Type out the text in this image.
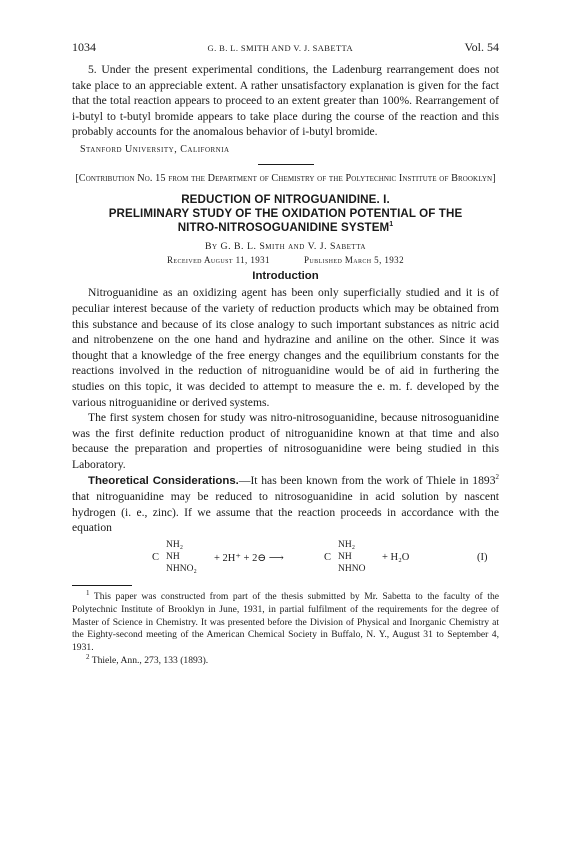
1034	G. B. L. SMITH AND V. J. SABETTA	Vol. 54

5. Under the present experimental conditions, the Ladenburg rearrangement does not take place to an appreciable extent. A rather unsatisfactory explanation is given for the fact that the total reaction appears to proceed to an extent greater than 100%. Rearrangement of i-butyl to t-butyl bromide appears to take place during the course of the reaction and this probably accounts for the anomalous behavior of i-butyl bromide.

Stanford University, California
[Contribution No. 15 from the Department of Chemistry of the Polytechnic Institute of Brooklyn]
REDUCTION OF NITROGUANIDINE. I.
PRELIMINARY STUDY OF THE OXIDATION POTENTIAL OF THE
NITRO-NITROSOGUANIDINE SYSTEM$^1$
By G. B. L. Smith and V. J. Sabetta
Received August 11, 1931	Published March 5, 1932
Introduction

Nitroguanidine as an oxidizing agent has been only superficially studied and it is of peculiar interest because of the variety of reduction products which may be obtained from this substance and because of its close analogy to such important substances as nitric acid and nitrobenzene on the one hand and hydrazine and aniline on the other. Since it was thought that a knowledge of the free energy changes and the equilibrium constants for the reactions involved in the reduction of nitroguanidine would be of aid in furthering the studies on this topic, it was decided to attempt to measure the e. m. f. developed by the various nitroguanidine or derived systems.

The first system chosen for study was nitro-nitrosoguanidine, because nitrosoguanidine was the first definite reduction product of nitroguanidine known at that time and also because the preparation and properties of nitrosoguanidine were being studied in this Laboratory.

Theoretical Considerations.—It has been known from the work of Thiele in 1893$^2$ that nitroguanidine may be reduced to nitrosoguanidine in acid solution by nascent hydrogen (i. e., zinc). If we assume that the reaction proceeds in accordance with the equation

C
NH₂
NH
NHNO₂
+ 2H⁺ + 2⊖ ⟶	C
NH₂
NH
NHNO
+ H₂O	(I)
$^1$ This paper was constructed from part of the thesis submitted by Mr. Sabetta to the faculty of the Polytechnic Institute of Brooklyn in June, 1931, in partial fulfilment of the requirements for the degree of Master of Science in Chemistry. It was presented before the Division of Physical and Inorganic Chemistry at the Eighty-second meeting of the American Chemical Society in Buffalo, N. Y., August 31 to September 4, 1931.
$^2$ Thiele, Ann., 273, 133 (1893).
